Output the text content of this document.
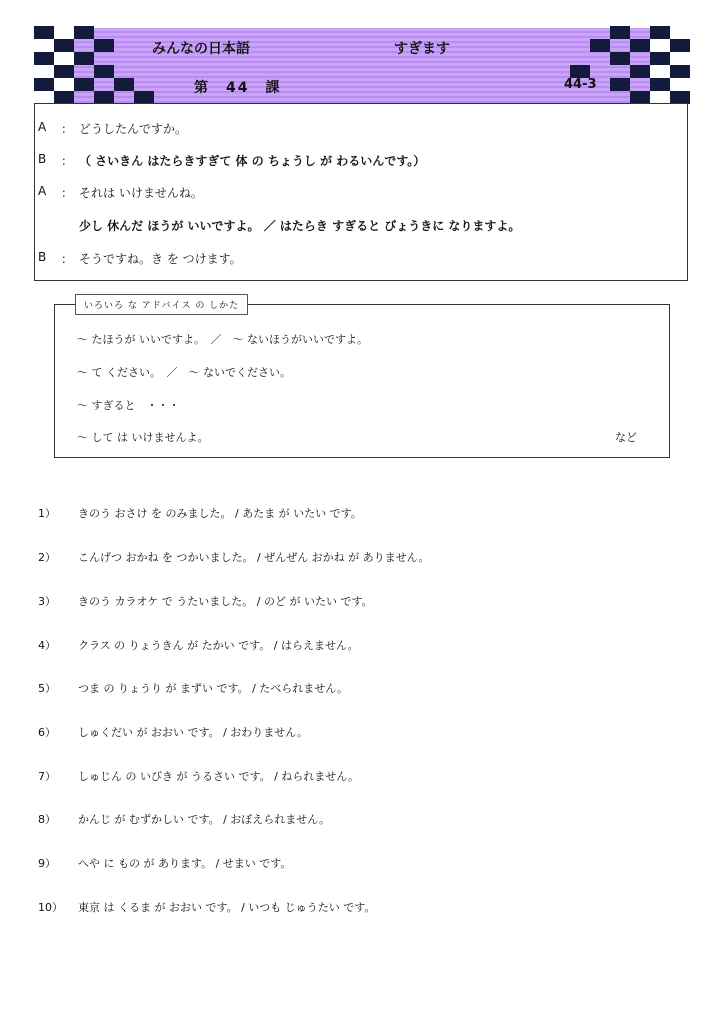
みんなの日本語	すぎます
第　44　課	44-3
A ： どうしたんですか。
B ： （ さいきん はたらきすぎて 体 の ちょうし が わるいんです。）
A ： それは いけませんね。
少し 休んだ ほうが いいですよ。 ／ はたらき すぎると びょうきに なりますよ。
B ： そうですね。き を つけます。
いろいろ な アドバイス の しかた
～ たほうが いいですよ。　／　～ ないほうがいいですよ。
～ て ください。　／　～ ないでください。
～ すぎると　・・・
～ して は いけませんよ。	など
1） きのう おさけ を のみました。 / あたま が いたい です。
2） こんげつ おかね を つかいました。 / ぜんぜん おかね が ありません。
3） きのう カラオケ で うたいました。 / のど が いたい です。
4） クラス の りょうきん が たかい です。 / はらえません。
5） つま の りょうり が まずい です。 / たべられません。
6） しゅくだい が おおい です。 / おわりません。
7） しゅじん の いびき が うるさい です。 / ねられません。
8） かんじ が むずかしい です。 / おぼえられません。
9） へや に もの が あります。 / せまい です。
10） 東京 は くるま が おおい です。 / いつも じゅうたい です。
